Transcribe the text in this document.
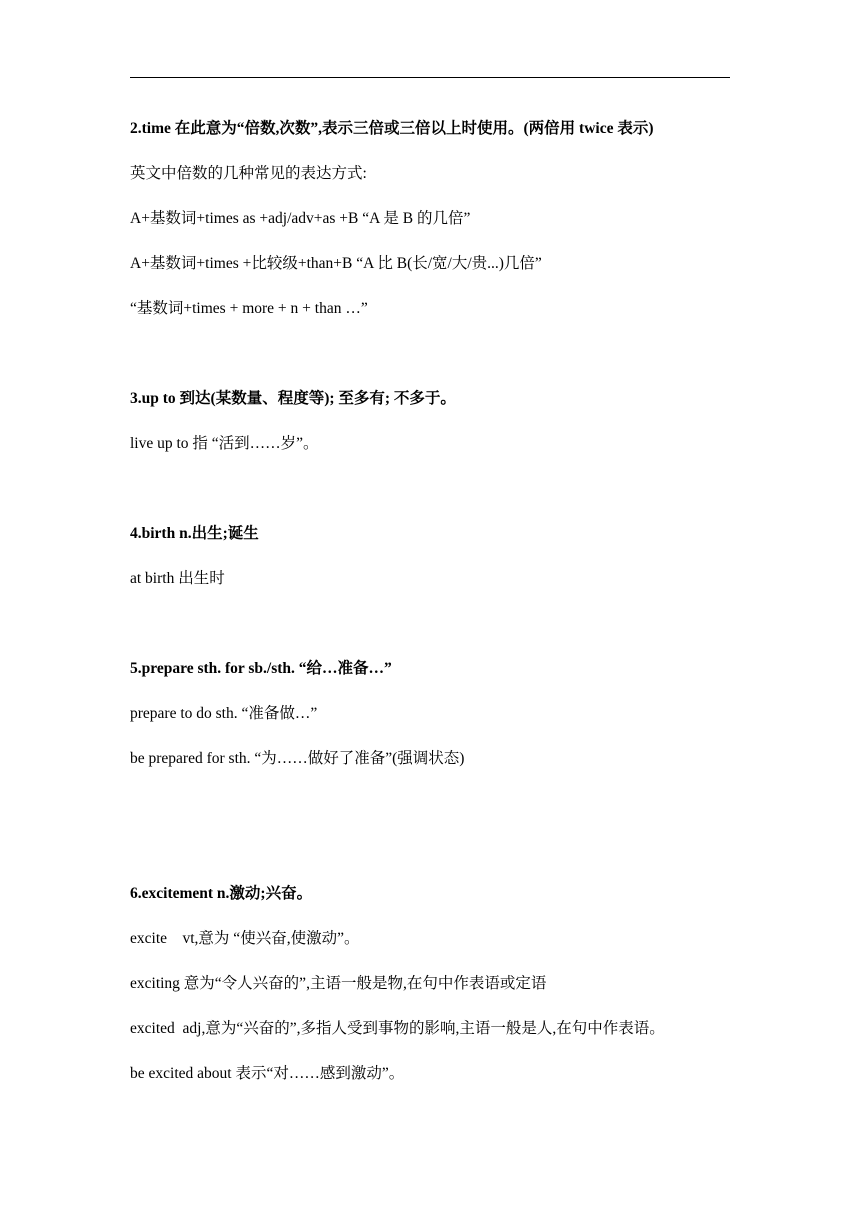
2.time 在此意为“倍数,次数”,表示三倍或三倍以上时使用。(两倍用 twice 表示)
英文中倍数的几种常见的表达方式:
A+基数词+times as +adj/adv+as +B “A 是 B 的几倍”
A+基数词+times +比较级+than+B “A 比 B(长/宽/大/贵...)几倍”
“基数词+times + more + n + than …”
3.up to 到达(某数量、程度等); 至多有; 不多于。
live up to 指 “活到……岁”。
4.birth n.出生;诞生
at birth 出生时
5.prepare sth. for sb./sth. “给…准备…”
prepare to do sth. “准备做…”
be prepared for sth. “为……做好了准备”(强调状态)
6.excitement n.激动;兴奋。
excite    vt,意为 “使兴奋,使激动”。
exciting 意为“令人兴奋的”,主语一般是物,在句中作表语或定语
excited  adj,意为“兴奋的”,多指人受到事物的影响,主语一般是人,在句中作表语。
be excited about 表示“对……感到激动”。
